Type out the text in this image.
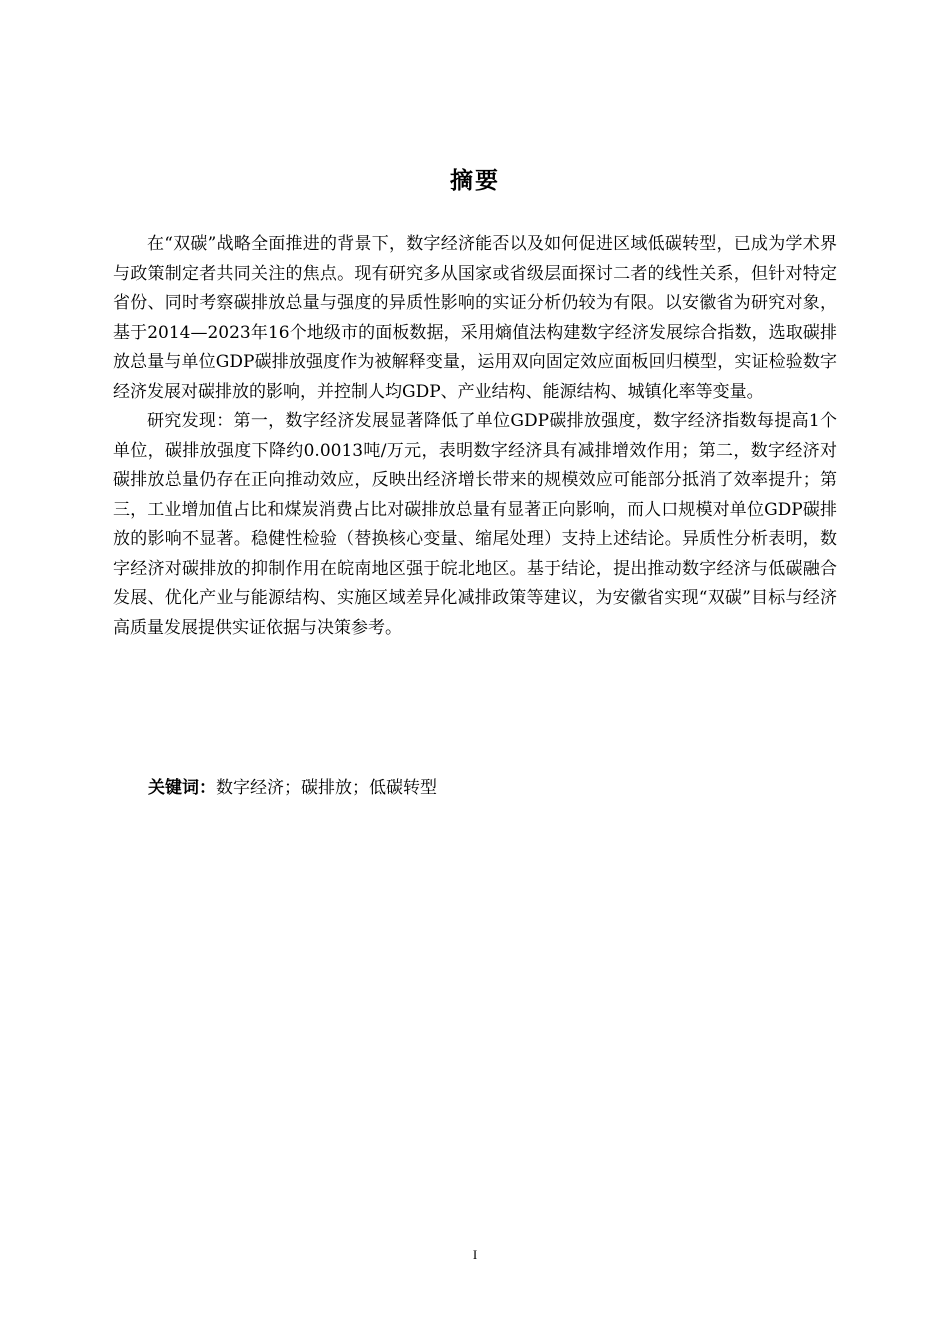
摘要

在“双碳”战略全面推进的背景下，数字经济能否以及如何促进区域低碳转型，已成为学术界与政策制定者共同关注的焦点。现有研究多从国家或省级层面探讨二者的线性关系，但针对特定省份、同时考察碳排放总量与强度的异质性影响的实证分析仍较为有限。以安徽省为研究对象，基于2014—2023年16个地级市的面板数据，采用熵值法构建数字经济发展综合指数，选取碳排放总量与单位GDP碳排放强度作为被解释变量，运用双向固定效应面板回归模型，实证检验数字经济发展对碳排放的影响，并控制人均GDP、产业结构、能源结构、城镇化率等变量。

研究发现：第一，数字经济发展显著降低了单位GDP碳排放强度，数字经济指数每提高1个单位，碳排放强度下降约0.0013吨/万元，表明数字经济具有减排增效作用；第二，数字经济对碳排放总量仍存在正向推动效应，反映出经济增长带来的规模效应可能部分抵消了效率提升；第三，工业增加值占比和煤炭消费占比对碳排放总量有显著正向影响，而人口规模对单位GDP碳排放的影响不显著。稳健性检验（替换核心变量、缩尾处理）支持上述结论。异质性分析表明，数字经济对碳排放的抑制作用在皖南地区强于皖北地区。基于结论，提出推动数字经济与低碳融合发展、优化产业与能源结构、实施区域差异化减排政策等建议，为安徽省实现“双碳”目标与经济高质量发展提供实证依据与决策参考。

关键词：数字经济；碳排放；低碳转型
I
